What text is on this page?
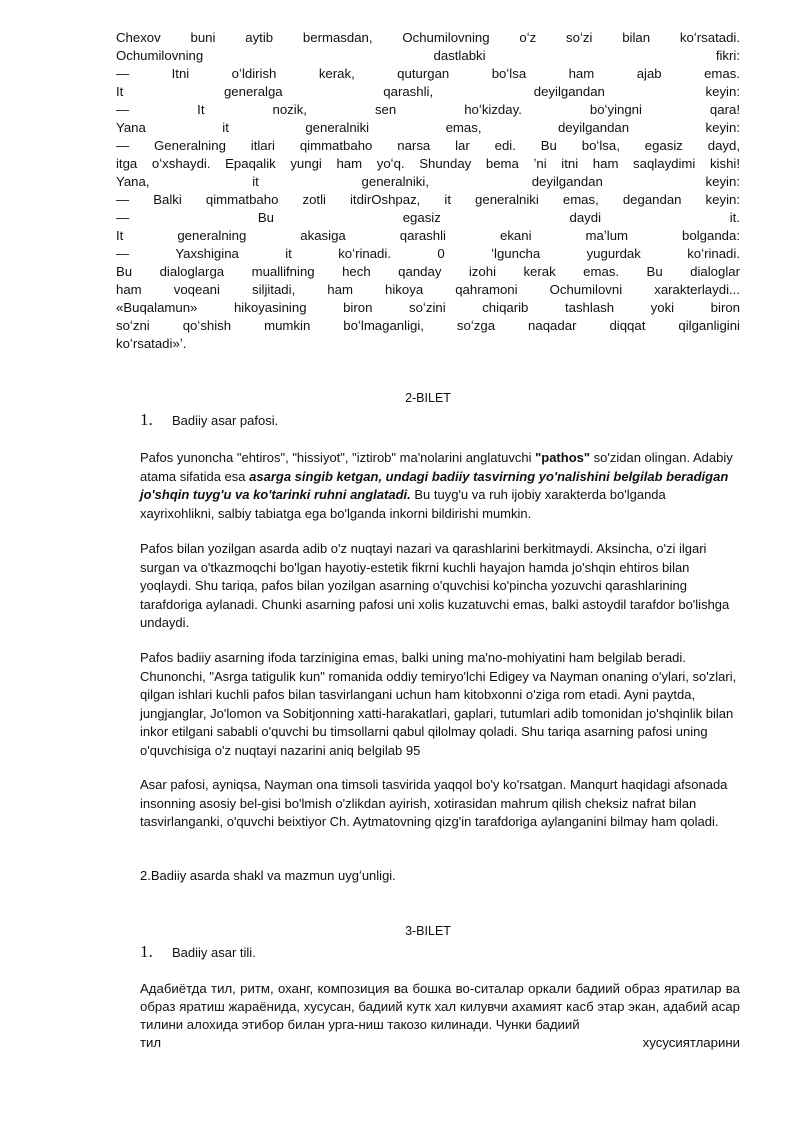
Chexov buni aytib bermasdan, Ochumilovning oʻz soʻzi bilan koʻrsatadi.
Ochumilovning dastlabki fikri:
— Itni oʻldirish kerak, quturgan boʻlsa ham ajab emas.
It generalga qarashli, deyilgandan keyin:
— It nozik, sen hoʻkizday. boʻyingni qara!
Yana it generalniki emas, deyilgandan keyin:
— Generalning itlari qimmatbaho narsa lar edi. Bu boʻlsa, egasiz dayd,
itga oʻxshaydi. Epaqalik yungi ham yoʻq. Shunday bema ʼni itni ham saqlaydimi kishi!
Yana, it generalniki, deyilgandan keyin:
— Balki qimmatbaho zotli itdirOshpaz, it generalniki emas, degandan keyin:
— Bu egasiz daydi it.
It generalning akasiga qarashli ekani maʼlum bolganda:
— Yaxshigina it koʻrinadi. 0 ʻlguncha yugurdak koʻrinadi.
Bu dialoglarga muallifning hech qanday izohi kerak emas. Bu dialoglar
ham voqeani siljitadi, ham hikoya qahramoni Ochumilovni xarakterlaydi...
«Buqalamun» hikoyasining biron soʻzini chiqarib tashlash yoki biron
soʻzni qoʻshish mumkin boʻlmaganligi, soʻzga naqadar diqqat qilganligini
koʻrsatadi»ʼ.
2-BILET
1. Badiiy asar pafosi.
Pafos yunoncha "ehtiros", "hissiyot", "iztirob" ma'nolarini anglatuvchi "pathos" so'zidan olingan. Adabiy atama sifatida esa asarga singib ketgan, undagi badiiy tasvirning yo'nalishini belgilab beradigan jo'shqin tuyg'u va ko'tarinki ruhni anglatadi. Bu tuyg'u va ruh ijobiy xarakterda bo'lganda xayrixohlikni, salbiy tabiatga ega bo'lganda inkorni bildirishi mumkin.
Pafos bilan yozilgan asarda adib o'z nuqtayi nazari va qarashlarini berkitmaydi. Aksincha, o'zi ilgari surgan va o'tkazmoqchi bo'lgan hayotiy-estetik fikrni kuchli hayajon hamda jo'shqin ehtiros bilan yoqlaydi. Shu tariqa, pafos bilan yozilgan asarning o'quvchisi ko'pincha yozuvchi qarashlarining tarafdoriga aylanadi. Chunki asarning pafosi uni xolis kuzatuvchi emas, balki astoydil tarafdor bo'lishga undaydi.
Pafos badiiy asarning ifoda tarzinigina emas, balki uning ma'no-mohiyatini ham belgilab beradi. Chunonchi, "Asrga tatigulik kun" romanida oddiy temiryo'lchi Edigey va Nayman onaning o'ylari, so'zlari, qilgan ishlari kuchli pafos bilan tasvirlangani uchun ham kitobxonni o'ziga rom etadi. Ayni paytda, jungjanglar, Jo'lomon va Sobitjonning xatti-harakatlari, gaplari, tutumlari adib tomonidan jo'shqinlik bilan inkor etilgani sababli o'quvchi bu timsollarni qabul qilolmay qoladi. Shu tariqa asarning pafosi uning o'quvchisiga o'z nuqtayi nazarini aniq belgilab 95
Asar pafosi, ayniqsa, Nayman ona timsoli tasvirida yaqqol bo'y ko'rsatgan. Manqurt haqidagi afsonada insonning asosiy bel-gisi bo'lmish o'zlikdan ayirish, xotirasidan mahrum qilish cheksiz nafrat bilan tasvirlanganki, o'quvchi beixtiyor Ch. Aytmatovning qizg'in tarafdoriga aylanganini bilmay ham qoladi.
2.Badiiy asarda shakl va mazmun uygʻunligi.
3-BILET
1. Badiiy asar tili.
Адабиётда тил, ритм, оханг, композиция ва бошка во-ситалар оркали бадиий образ яратилар ва образ яратиш жараёнида, хусусан, бадиий кутк хал килувчи ахамият касб этар экан, адабий асар тилини алохида этибор билан урга-ниш такозо килинади. Чунки бадиий
тил хусусиятларини
